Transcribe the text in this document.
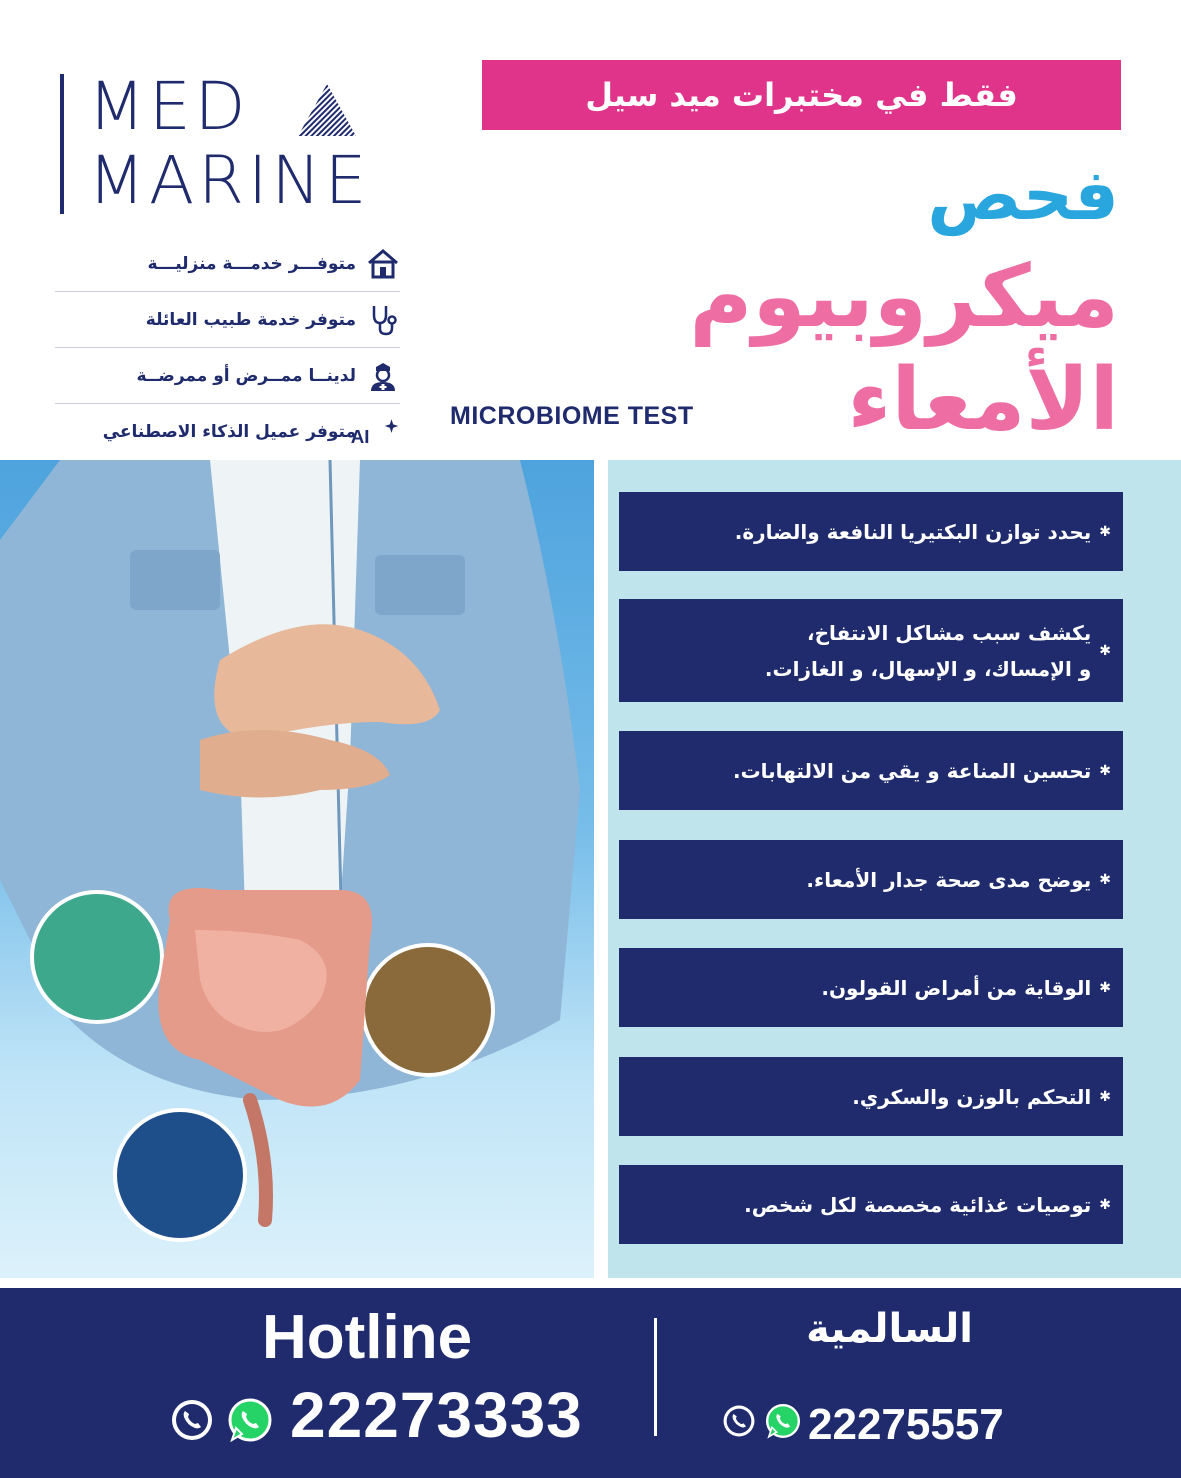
MED
MARINE
متوفـــر خدمـــة منزليـــة
متوفر خدمة طبيب العائلة
لدينــا ممــرض أو ممرضــة
AI
متوفر عميل الذكاء الاصطناعي
فقط في مختبرات ميد سيل
فحص
ميكروبيوم
الأمعاء
MICROBIOME TEST
✱
يحدد توازن البكتيريا النافعة والضارة.
✱
يكشف سبب مشاكل الانتفاخ،
و الإمساك، و الإسهال، و الغازات.
✱
تحسين المناعة و يقي من الالتهابات.
✱
يوضح مدى صحة جدار الأمعاء.
✱
الوقاية من أمراض القولون.
✱
التحكم بالوزن والسكري.
✱
توصيات غذائية مخصصة لكل شخص.
Hotline
22273333
السالمية
22275557
